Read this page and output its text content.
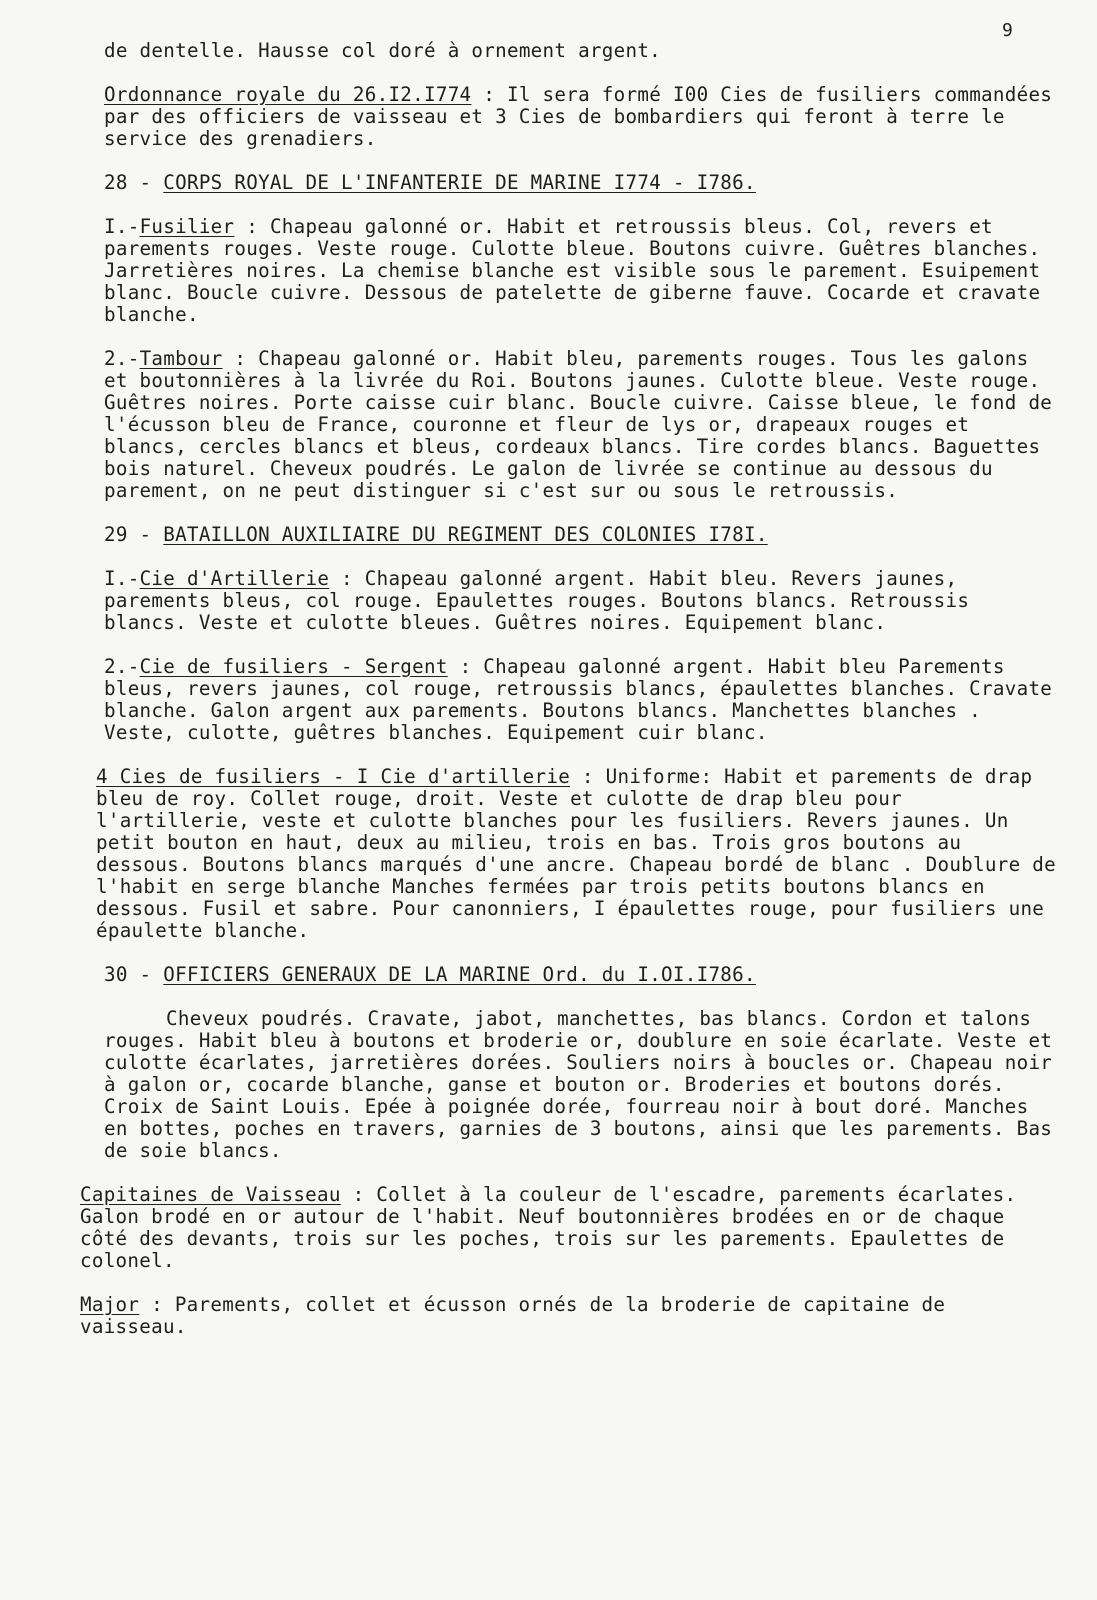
9

de dentelle. Hausse col doré à ornement argent.

Ordonnance royale du 26.I2.I774 : Il sera formé I00 Cies de fusiliers commandées par des officiers de vaisseau et 3 Cies de bombardiers qui feront à terre le service des grenadiers.

28 - CORPS ROYAL DE L'INFANTERIE DE MARINE I774 - I786.

I.-Fusilier : Chapeau galonné or. Habit et retroussis bleus. Col, revers et parements rouges. Veste rouge. Culotte bleue. Boutons cuivre. Guêtres blanches. Jarretières noires. La chemise blanche est visible sous le parement. Esuipement blanc. Boucle cuivre. Dessous de patelette de giberne fauve. Cocarde et cravate blanche.

2.-Tambour : Chapeau galonné or. Habit bleu, parements rouges. Tous les galons et boutonnières à la livrée du Roi. Boutons jaunes. Culotte bleue. Veste rouge. Guêtres noires. Porte caisse cuir blanc. Boucle cuivre. Caisse bleue, le fond de l'écusson bleu de France, couronne et fleur de lys or, drapeaux rouges et blancs, cercles blancs et bleus, cordeaux blancs. Tire cordes blancs. Baguettes bois naturel. Cheveux poudrés. Le galon de livrée se continue au dessous du parement, on ne peut distinguer si c'est sur ou sous le retroussis.

29 - BATAILLON AUXILIAIRE DU REGIMENT DES COLONIES I78I.

I.-Cie d'Artillerie : Chapeau galonné argent. Habit bleu. Revers jaunes, parements bleus, col rouge. Epaulettes rouges. Boutons blancs. Retroussis blancs. Veste et culotte bleues. Guêtres noires. Equipement blanc.

2.-Cie de fusiliers - Sergent : Chapeau galonné argent. Habit bleu Parements bleus, revers jaunes, col rouge, retroussis blancs, épaulettes blanches. Cravate blanche. Galon argent aux parements. Boutons blancs. Manchettes blanches . Veste, culotte, guêtres blanches. Equipement cuir blanc.

4 Cies de fusiliers - I Cie d'artillerie : Uniforme: Habit et parements de drap bleu de roy. Collet rouge, droit. Veste et culotte de drap bleu pour l'artillerie, veste et culotte blanches pour les fusiliers. Revers jaunes. Un petit bouton en haut, deux au milieu, trois en bas. Trois gros boutons au dessous. Boutons blancs marqués d'une ancre. Chapeau bordé de blanc . Doublure de l'habit en serge blanche Manches fermées par trois petits boutons blancs en dessous. Fusil et sabre. Pour canonniers, I épaulettes rouge, pour fusiliers une épaulette blanche.

30 - OFFICIERS GENERAUX DE LA MARINE Ord. du I.OI.I786.

Cheveux poudrés. Cravate, jabot, manchettes, bas blancs. Cordon et talons rouges. Habit bleu à boutons et broderie or, doublure en soie écarlate. Veste et culotte écarlates, jarretières dorées. Souliers noirs à boucles or. Chapeau noir à galon or, cocarde blanche, ganse et bouton or. Broderies et boutons dorés. Croix de Saint Louis. Epée à poignée dorée, fourreau noir à bout doré. Manches en bottes, poches en travers, garnies de 3 boutons, ainsi que les parements. Bas de soie blancs.

Capitaines de Vaisseau : Collet à la couleur de l'escadre, parements écarlates. Galon brodé en or autour de l'habit. Neuf boutonnières brodées en or de chaque côté des devants, trois sur les poches, trois sur les parements. Epaulettes de colonel.

Major : Parements, collet et écusson ornés de la broderie de capitaine de vaisseau.
